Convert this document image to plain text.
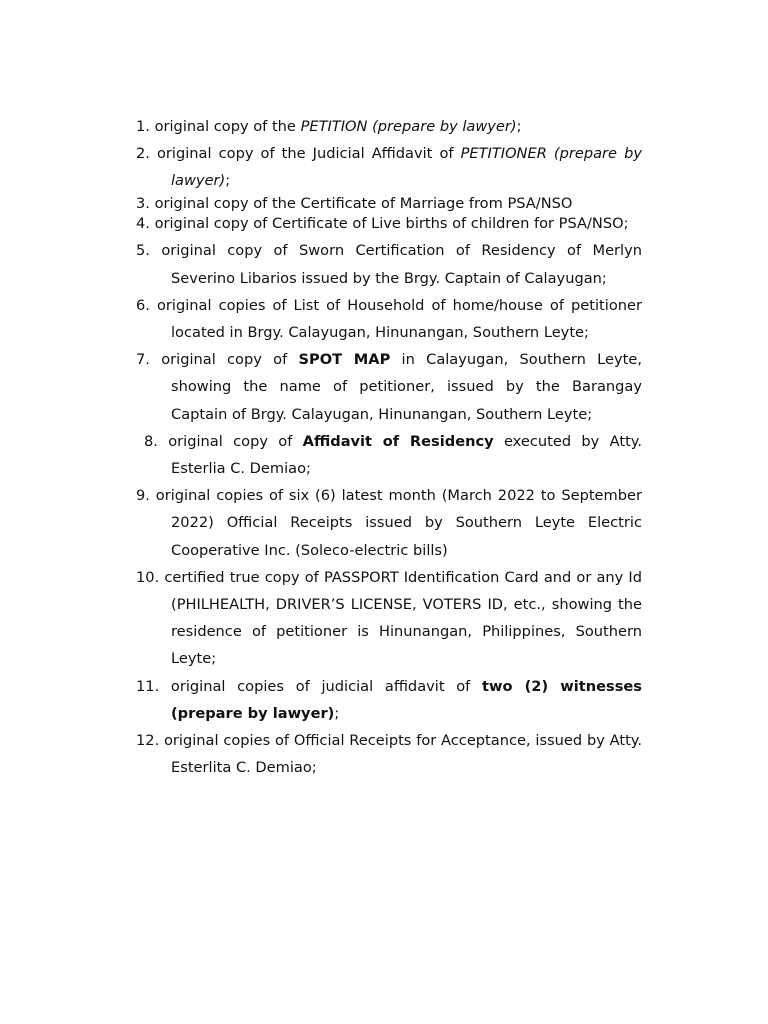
1. original copy of the PETITION (prepare by lawyer);

2. original copy of the Judicial Affidavit of PETITIONER (prepare by lawyer);

3. original copy of the Certificate of Marriage from PSA/NSO

4. original copy of Certificate of Live births of children for PSA/NSO;

5. original copy of Sworn Certification of Residency of Merlyn Severino Libarios issued by the Brgy. Captain of Calayugan;

6. original copies of List of Household of home/house of petitioner located in Brgy. Calayugan, Hinunangan, Southern Leyte;

7. original copy of SPOT MAP in Calayugan, Southern Leyte, showing the name of petitioner, issued by the Barangay Captain of Brgy. Calayugan, Hinunangan, Southern Leyte;

8. original copy of Affidavit of Residency executed by Atty. Esterlia C. Demiao;

9. original copies of six (6) latest month (March 2022 to September 2022) Official Receipts issued by Southern Leyte Electric Cooperative Inc. (Soleco-electric bills)

10. certified true copy of PASSPORT Identification Card and or any Id (PHILHEALTH, DRIVER’S LICENSE, VOTERS ID, etc., showing the residence of petitioner is Hinunangan, Philippines, Southern Leyte;

11. original copies of judicial affidavit of two (2) witnesses (prepare by lawyer);

12. original copies of Official Receipts for Acceptance, issued by Atty. Esterlita C. Demiao;
